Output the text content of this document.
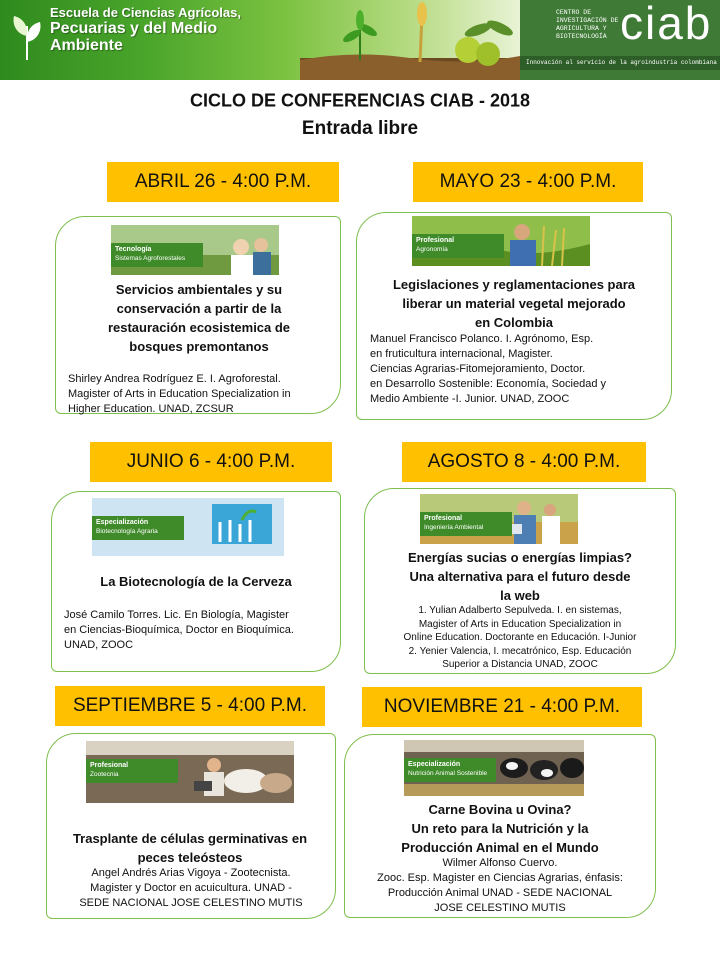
Escuela de Ciencias Agrícolas,
Pecuarias y del Medio
Ambiente
CENTRO DE
INVESTIGACIÓN DE
AGRICULTURA Y
BIOTECNOLOGÍA ciab
Innovación al servicio de la agroindustria colombiana
CICLO DE CONFERENCIAS CIAB - 2018
Entrada libre
ABRIL 26 - 4:00 P.M.
Tecnología
Sistemas Agroforestales
Servicios ambientales y su
conservación a partir de la
restauración ecosistemica de
bosques premontanos
Shirley Andrea Rodríguez E. I. Agroforestal.
Magister of Arts in Education Specialization in
Higher Education. UNAD, ZCSUR
MAYO 23 - 4:00 P.M.
Profesional
Agronomía
Legislaciones y reglamentaciones para
liberar un material vegetal mejorado
en Colombia
Manuel Francisco Polanco. I. Agrónomo, Esp.
en fruticultura internacional, Magister.
Ciencias Agrarias-Fitomejoramiento, Doctor.
en Desarrollo Sostenible: Economía, Sociedad y
Medio Ambiente -I. Junior. UNAD, ZOOC
JUNIO 6 - 4:00 P.M.
Especialización
Biotecnología Agraria
La Biotecnología de la Cerveza
José Camilo Torres. Lic. En Biología, Magister
en Ciencias-Bioquímica, Doctor en Bioquímica.
UNAD, ZOOC
AGOSTO 8 - 4:00 P.M.
Profesional
Ingeniería Ambiental
Energías sucias o energías limpias?
Una alternativa para el futuro desde
la web
1. Yulian Adalberto Sepulveda. I. en sistemas,
Magister of Arts in Education Specialization in
Online Education. Doctorante en Educación. I-Junior
2. Yenier Valencia, I. mecatrónico, Esp. Educación
Superior a Distancia UNAD, ZOOC
SEPTIEMBRE 5 - 4:00 P.M.
Profesional
Zootecnia
Trasplante de células germinativas en
peces teleósteos
Angel Andrés Arias Vigoya - Zootecnista.
Magister y Doctor en acuicultura. UNAD -
SEDE NACIONAL JOSE CELESTINO MUTIS
NOVIEMBRE 21 - 4:00 P.M.
Especialización
Nutrición Animal Sostenible
Carne Bovina u Ovina?
Un reto para la Nutrición y la
Producción Animal en el Mundo
Wilmer Alfonso Cuervo.
Zooc. Esp. Magister en Ciencias Agrarias, énfasis:
Producción Animal UNAD - SEDE NACIONAL
JOSE CELESTINO MUTIS
